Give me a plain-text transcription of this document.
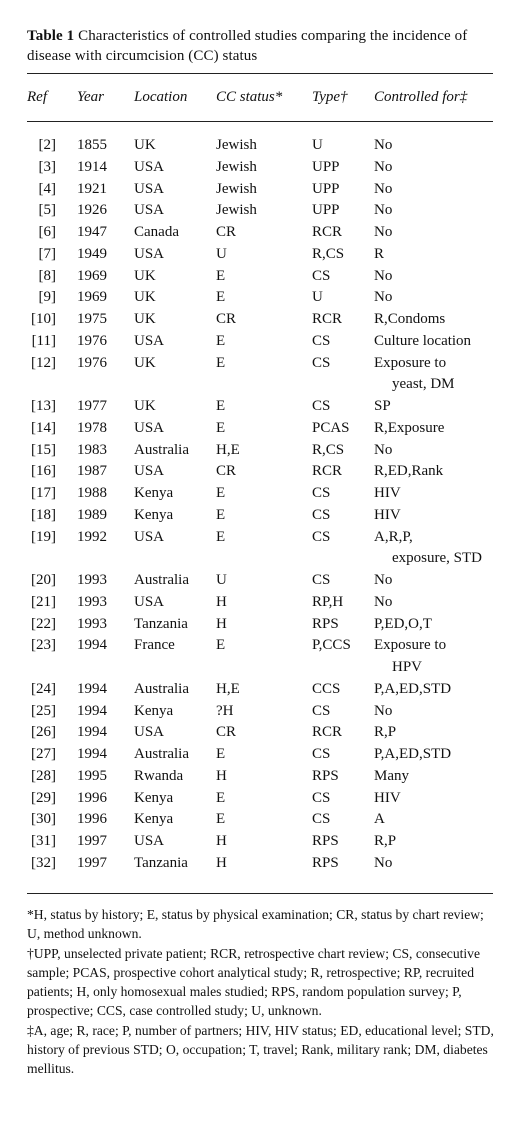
Table 1 Characteristics of controlled studies comparing the incidence of disease with circumcision (CC) status
Ref Year Location CC status* Type† Controlled for‡
[2] 1855 UK	Jewish	U	No
[3] 1914 USA	Jewish	UPP No
[4] 1921 USA	Jewish	UPP No
[5] 1926 USA	Jewish	UPP No
[6] 1947 Canada CR	RCR No
[7] 1949 USA	U	R,CS R
[8] 1969 UK	E	CS	No
[9] 1969 UK	E	U	No
[10] 1975 UK	CR	RCR R,Condoms
[11] 1976 USA	E	CS	Culture location
[12] 1976 UK	E	CS	Exposure to
yeast, DM
[13] 1977 UK	E	CS	SP
[14] 1978 USA	E	PCAS R,Exposure
[15] 1983 Australia H,E	R,CS No
[16] 1987 USA	CR	RCR R,ED,Rank
[17] 1988 Kenya	E	CS	HIV
[18] 1989 Kenya	E	CS	HIV
[19] 1992 USA	E	CS	A,R,P,
exposure, STD
[20] 1993 Australia U	CS	No
[21] 1993 USA	H	RP,H No
[22] 1993 Tanzania H	RPS P,ED,O,T
[23] 1994 France	E	P,CCS Exposure to
HPV
[24] 1994 Australia H,E	CCS P,A,ED,STD
[25] 1994 Kenya	?H	CS	No
[26] 1994 USA	CR	RCR R,P
[27] 1994 Australia E	CS	P,A,ED,STD
[28] 1995 Rwanda H	RPS Many
[29] 1996 Kenya	E	CS	HIV
[30] 1996 Kenya	E	CS	A
[31] 1997 USA	H	RPS R,P
[32] 1997 Tanzania H	RPS No

*H, status by history; E, status by physical examination; CR, status by chart review; U, method unknown.

†UPP, unselected private patient; RCR, retrospective chart review; CS, consecutive sample; PCAS, prospective cohort analytical study; R, retrospective; RP, recruited patients; H, only homosexual males studied; RPS, random population survey; P, prospective; CCS, case controlled study; U, unknown.

‡A, age; R, race; P, number of partners; HIV, HIV status; ED, educational level; STD, history of previous STD; O, occupation; T, travel; Rank, military rank; DM, diabetes mellitus.
